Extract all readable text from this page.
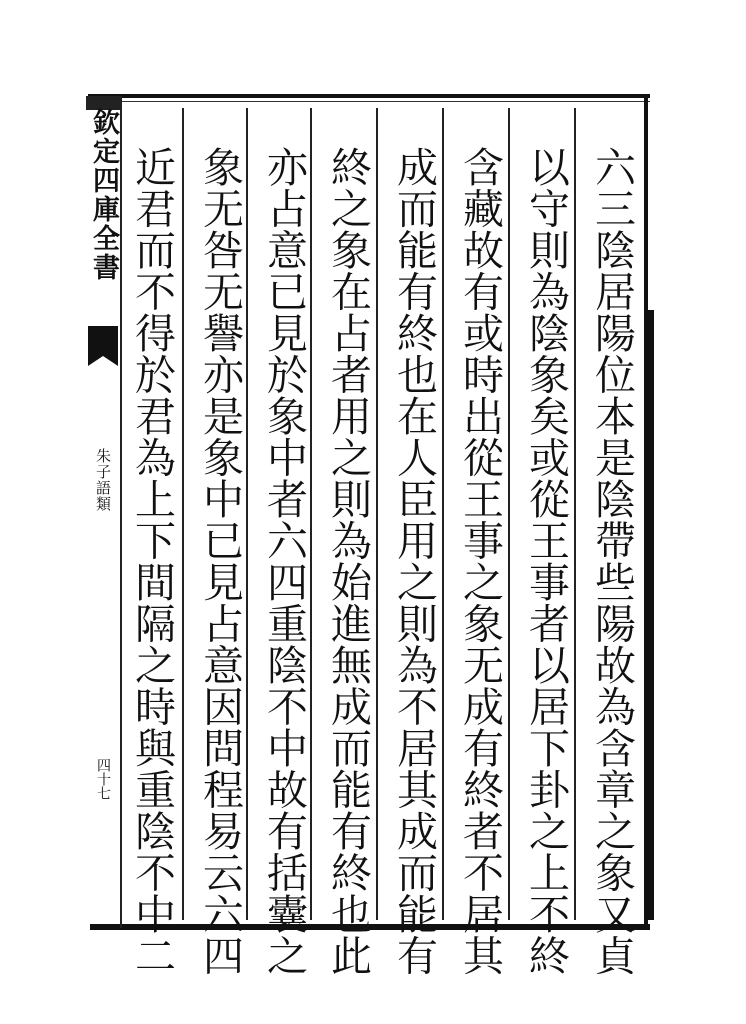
欽定四庫全書
朱子語類
四十七	六三陰居陽位本是陰帶些陽故為含章之象又貞
以守則為陰象矣或從王事者以居下卦之上不終
含藏故有或時出從王事之象无成有終者不居其
成而能有終也在人臣用之則為不居其成而能有
終之象在占者用之則為始進無成而能有終也此
亦占意已見於象中者六四重陰不中故有括囊之
象无咎无譽亦是象中已見占意因問程易云六四
近君而不得於君為上下間隔之時與重陰不中二
